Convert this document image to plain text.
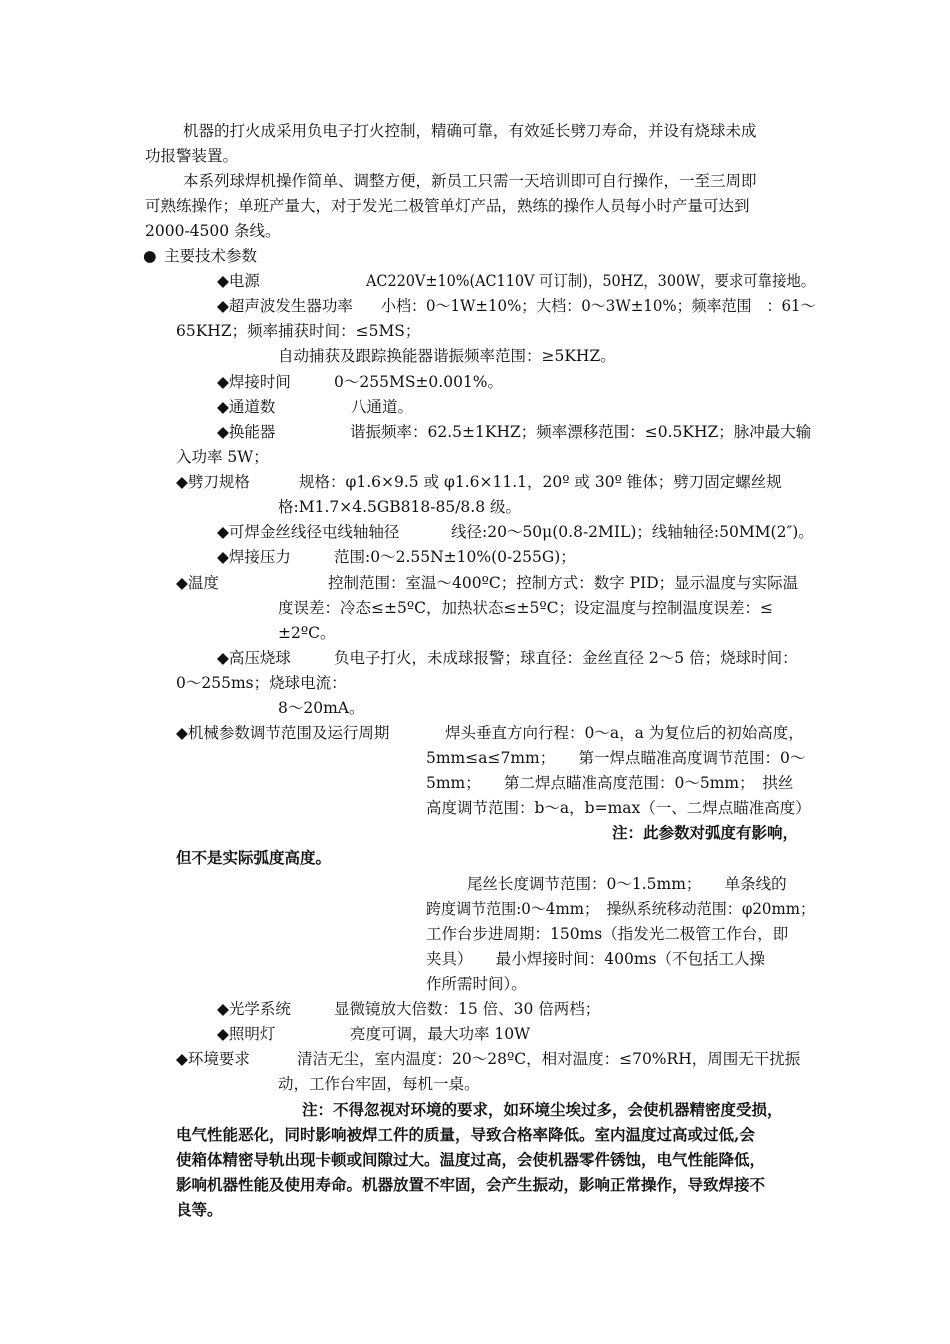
机器的打火成采用负电子打火控制，精确可靠，有效延长劈刀寿命，并设有烧球未成
功报警装置。
本系列球焊机操作简单、调整方便，新员工只需一天培训即可自行操作，一至三周即
可熟练操作；单班产量大，对于发光二极管单灯产品，熟练的操作人员每小时产量可达到
2000-4500 条线。
● 主要技术参数
◆电源	AC220V±10%(AC110V 可订制)，50HZ，300W，要求可靠接地。
◆超声波发生器功率 小档：0～1W±10%；大档：0～3W±10%；频率范围　：61～
65KHZ；频率捕获时间：≤5MS；
自动捕获及跟踪换能器谐振频率范围：≥5KHZ。
◆焊接时间	0～255MS±0.001%。
◆通道数	八通道。
◆换能器	谐振频率：62.5±1KHZ；频率漂移范围：≤0.5KHZ；脉冲最大输
入功率 5W；
◆劈刀规格	规格：φ1.6×9.5 或 φ1.6×11.1，20º 或 30º 锥体；劈刀固定螺丝规
格:M1.7×4.5GB818-85/8.8 级。
◆可焊金丝线径屯线轴轴径	线径:20～50μ(0.8-2MIL)；线轴轴径:50MM(2″)。
◆焊接压力	范围:0～2.55N±10%(0-255G)；
◆温度	控制范围：室温～400ºC；控制方式：数字 PID；显示温度与实际温
度误差：冷态≤±5ºC，加热状态≤±5ºC；设定温度与控制温度误差：≤
±2ºC。
◆高压烧球	负电子打火，未成球报警；球直径：金丝直径 2～5 倍；烧球时间：
0～255ms；烧球电流：
8～20mA。
◆机械参数调节范围及运行周期	焊头垂直方向行程：0～a，a 为复位后的初始高度，
5mm≤a≤7mm；　　第一焊点瞄准高度调节范围：0～
5mm；　　第二焊点瞄准高度范围：0～5mm；　拱丝
高度调节范围：b～a，b=max（一、二焊点瞄准高度）
注：此参数对弧度有影响，
但不是实际弧度高度。
尾丝长度调节范围：0～1.5mm；　　单条线的
跨度调节范围:0～4mm；　操纵系统移动范围：φ20mm；
工作台步进周期：150ms（指发光二极管工作台，即
夹具）　　最小焊接时间：400ms（不包括工人操
作所需时间）。
◆光学系统	显微镜放大倍数：15 倍、30 倍两档；
◆照明灯	亮度可调，最大功率 10W
◆环境要求	清洁无尘，室内温度：20～28ºC，相对温度：≤70%RH，周围无干扰振
动，工作台牢固，每机一桌。
注：不得忽视对环境的要求，如环境尘埃过多，会使机器精密度受损，
电气性能恶化，同时影响被焊工件的质量，导致合格率降低。室内温度过高或过低,会
使箱体精密导轨出现卡顿或间隙过大。温度过高，会使机器零件锈蚀，电气性能降低，
影响机器性能及使用寿命。机器放置不牢固，会产生振动，影响正常操作，导致焊接不
良等。
